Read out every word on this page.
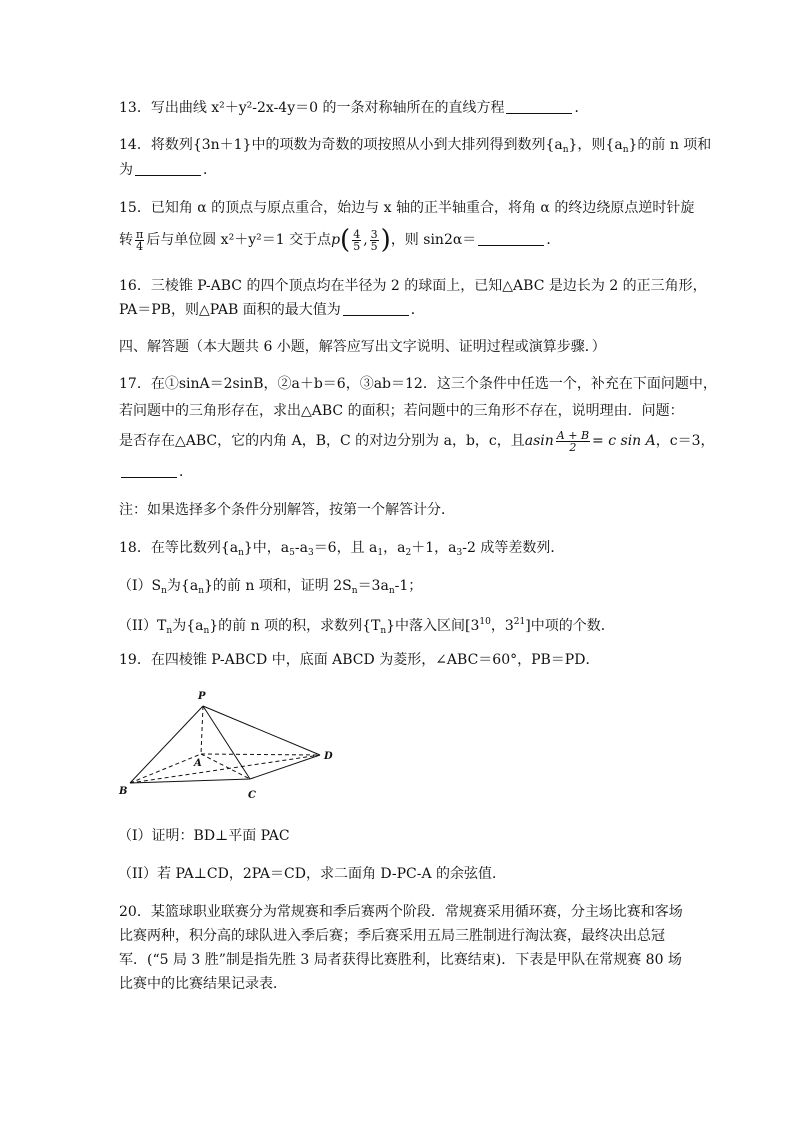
13．写出曲线 x²＋y²-2x-4y＝0 的一条对称轴所在的直线方程	．
14．将数列{3n＋1}中的项数为奇数的项按照从小到大排列得到数列$\{a_n\}$，则$\{a_n\}$的前 n 项和
为	．
15．已知角 α 的顶点与原点重合，始边与 x 轴的正半轴重合，将角 α 的终边绕原点逆时针旋
转 $\frac{\pi}{4}$ 后与单位圆 x²＋y²＝1 交于点$p( \frac{4}{5}$ , $\frac{3}{5}$ )，则 sin2α＝	．
16．三棱锥 P-ABC 的四个顶点均在半径为 2 的球面上，已知△ABC 是边长为 2 的正三角形，
PA＝PB，则△PAB 面积的最大值为	．
四、解答题（本大题共 6 小题，解答应写出文字说明、证明过程或演算步骤．）
17．在①sinA＝2sinB，②a＋b＝6，③ab＝12．这三个条件中任选一个，补充在下面问题中，
若问题中的三角形存在，求出△ABC 的面积；若问题中的三角形不存在，说明理由．问题：
是否存在△ABC，它的内角 A，B，C 的对边分别为 a，b，c，且asin $\frac{A + B}{2} = c$ sin A，c＝3，
．
注：如果选择多个条件分别解答，按第一个解答计分．
18．在等比数列$\{a_n\}$中，$a_5-a_3=6$，且 $a_1$，$a_2+1$，$a_3-2$ 成等差数列．
$(I)S_n$为$\{a_n\}$的前 n 项和，证明 $2S_n=3a_n-1$；
$(II)T_n$为$\{a_n\}$的前 n 项的积，求数列$\{T_n\}$中落入区间[$3^{10}$，$3^{21}$]中项的个数．
19．在四棱锥 P-ABCD 中，底面 ABCD 为菱形，∠ABC＝60°，PB＝PD．
P
A
B	C
D
（I）证明：BD⊥平面 PAC
（II）若 PA⊥CD，2PA＝CD，求二面角 D-PC-A 的余弦值．
20．某篮球职业联赛分为常规赛和季后赛两个阶段．常规赛采用循环赛，分主场比赛和客场
比赛两种，积分高的球队进入季后赛；季后赛采用五局三胜制进行淘汰赛，最终决出总冠
军．(“5 局 3 胜”制是指先胜 3 局者获得比赛胜利，比赛结束)．下表是甲队在常规赛 80 场
比赛中的比赛结果记录表．
